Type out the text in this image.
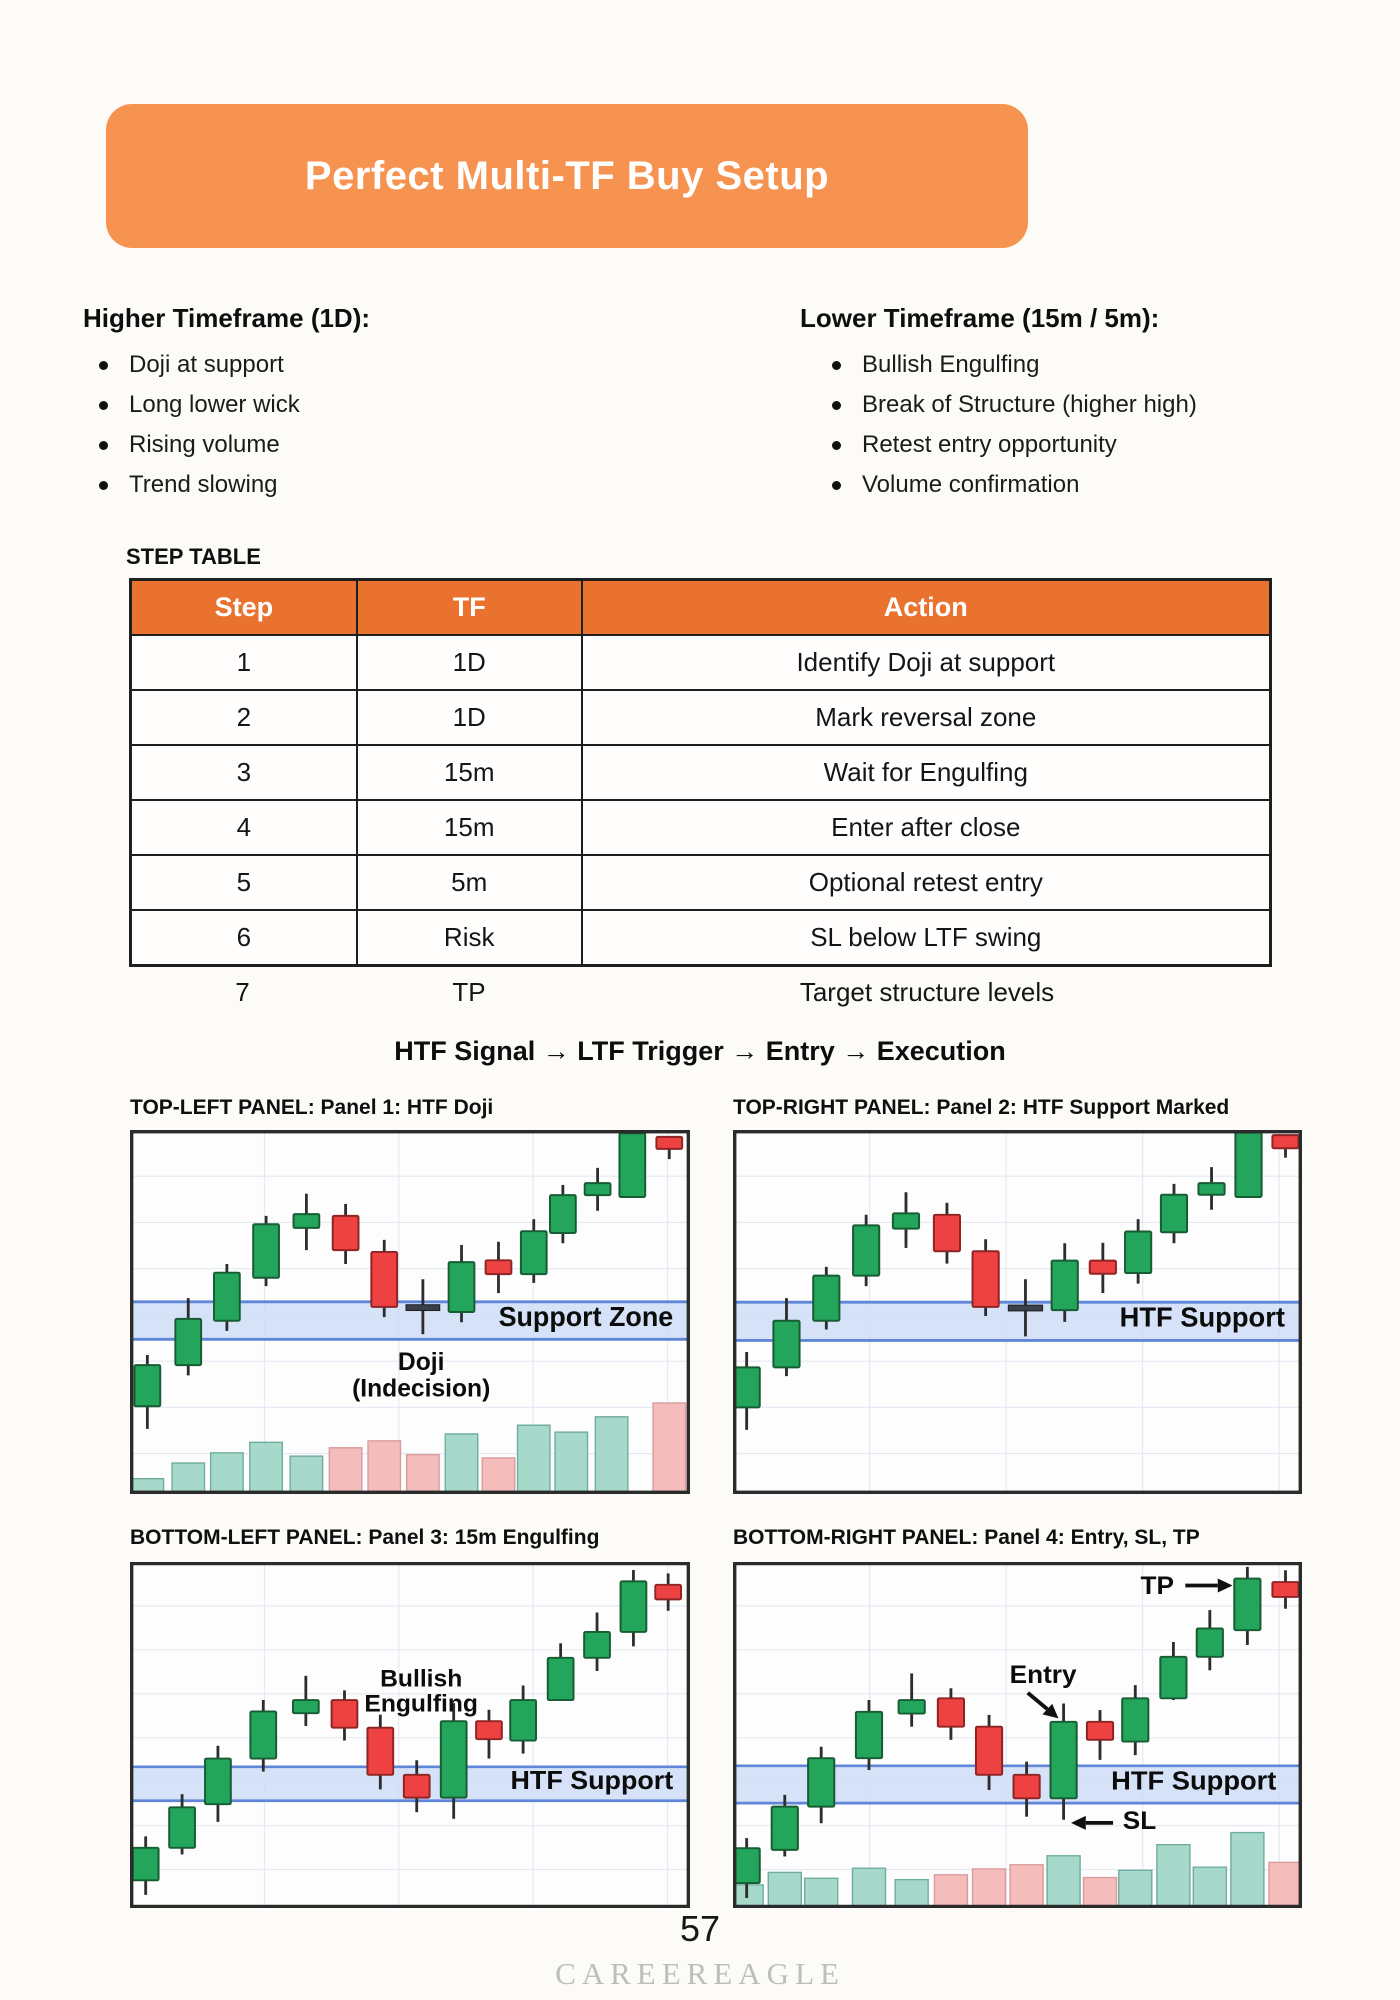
Perfect Multi-TF Buy Setup
Higher Timeframe (1D):
Doji at support
Long lower wick
Rising volume
Trend slowing
Lower Timeframe (15m / 5m):
Bullish Engulfing
Break of Structure (higher high)
Retest entry opportunity
Volume confirmation
STEP TABLE
Step	TF	Action
1	1D	Identify Doji at support
2	1D	Mark reversal zone
3	15m	Wait for Engulfing
4	15m	Enter after close
5	5m	Optional retest entry
6	Risk	SL below LTF swing
7	TP	Target structure levels
HTF Signal → LTF Trigger → Entry → Execution
TOP-LEFT PANEL: Panel 1: HTF Doji
Support Zone
Doji (Indecision)
TOP-RIGHT PANEL: Panel 2: HTF Support Marked
HTF Support
BOTTOM-LEFT PANEL: Panel 3: 15m Engulfing
Bullish Engulfing
HTF Support
BOTTOM-RIGHT PANEL: Panel 4: Entry, SL, TP
HTF Support
TP
Entry
SL
57
CAREEREAGLE
